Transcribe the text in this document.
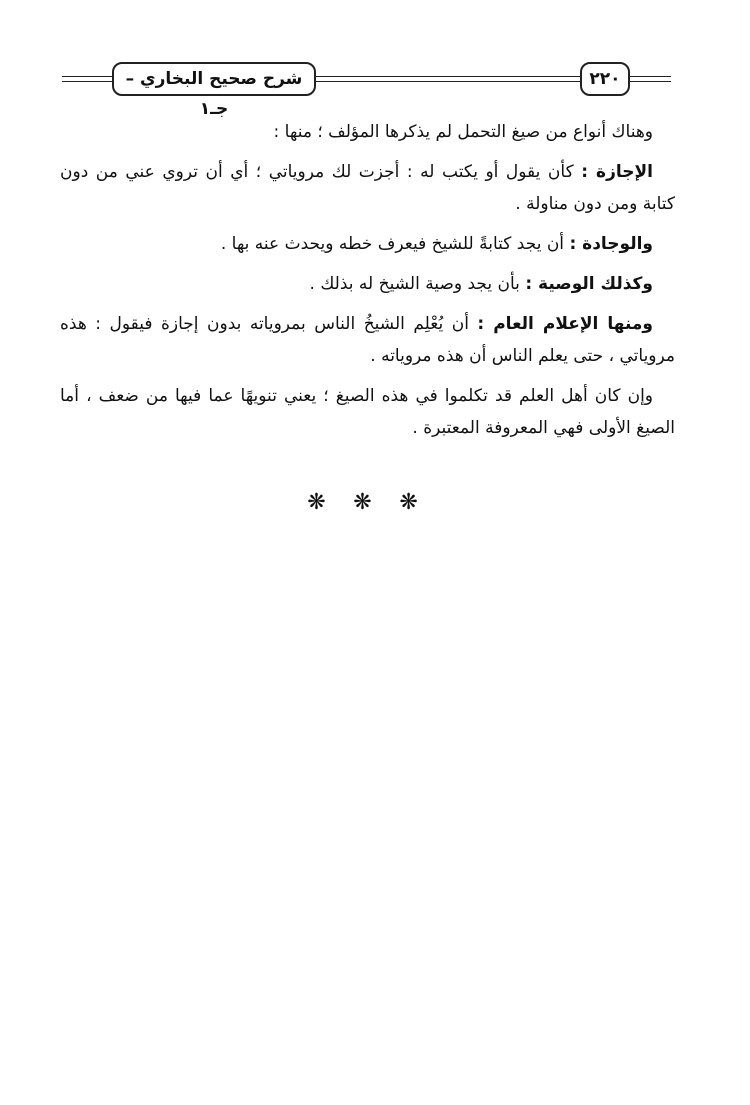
شرح صحيح البخاري – جـ١
٢٢٠

وهناك أنواع من صيغ التحمل لم يذكرها المؤلف ؛ منها :

الإجازة : كأن يقول أو يكتب له : أجزت لك مروياتي ؛ أي أن تروي عني من دون كتابة ومن دون مناولة .

والوجادة : أن يجد كتابةً للشيخ فيعرف خطه ويحدث عنه بها .

وكذلك الوصية : بأن يجد وصية الشيخ له بذلك .

ومنها الإعلام العام : أن يُعْلِم الشيخُ الناس بمروياته بدون إجازة فيقول : هذه مروياتي ، حتى يعلم الناس أن هذه مروياته .

وإن كان أهل العلم قد تكلموا في هذه الصيغ ؛ يعني تنويهًا عما فيها من ضعف ، أما الصيغ الأولى فهي المعروفة المعتبرة .

❋ ❋ ❋
